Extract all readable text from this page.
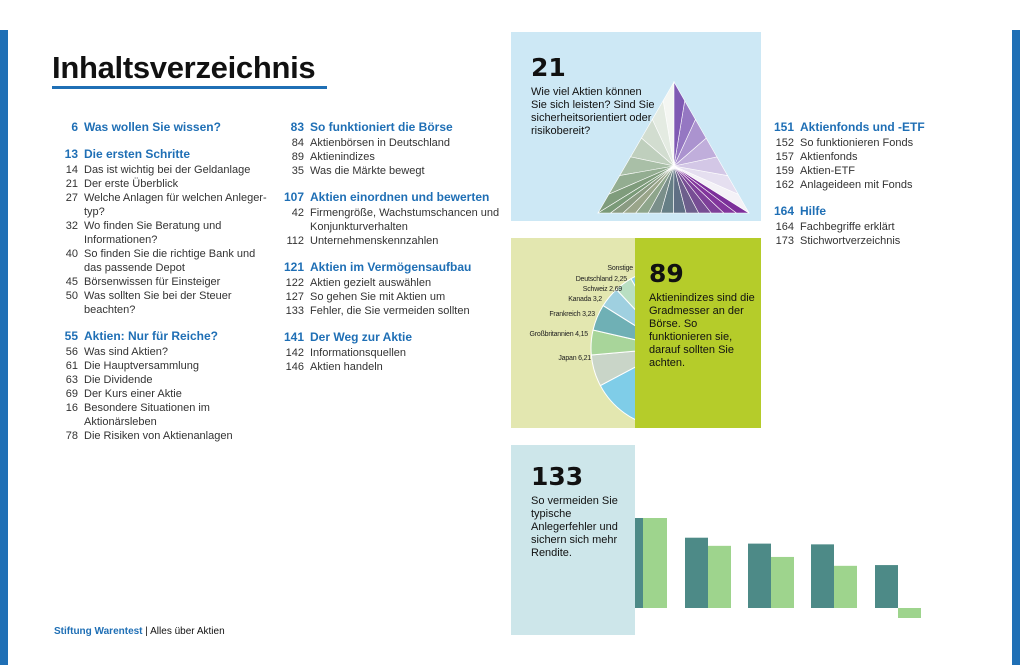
Inhaltsverzeichnis
6 Was wollen Sie wissen?
13 Die ersten Schritte
14 Das ist wichtig bei der Geldanlage
21 Der erste Überblick
27 Welche Anlagen für welchen Anleger-typ?
32 Wo finden Sie Beratung und Informationen?
40 So finden Sie die richtige Bank und das passende Depot
45 Börsenwissen für Einsteiger
50 Was sollten Sie bei der Steuer beachten?
55 Aktien: Nur für Reiche?
56 Was sind Aktien?
61 Die Hauptversammlung
63 Die Dividende
69 Der Kurs einer Aktie
16 Besondere Situationen im Aktionärsleben
78 Die Risiken von Aktienanlagen
83 So funktioniert die Börse
84 Aktienbörsen in Deutschland
89 Aktienindizes
35 Was die Märkte bewegt
107 Aktien einordnen und bewerten
42 Firmengröße, Wachstumschancen und Konjunkturverhalten
112 Unternehmenskennzahlen
121 Aktien im Vermögensaufbau
122 Aktien gezielt auswählen
127 So gehen Sie mit Aktien um
133 Fehler, die Sie vermeiden sollten
141 Der Weg zur Aktie
142 Informationsquellen
146 Aktien handeln
151 Aktienfonds und -ETF
152 So funktionieren Fonds
157 Aktienfonds
159 Aktien-ETF
162 Anlageideen mit Fonds
164 Hilfe
164 Fachbegriffe erklärt
173 Stichwortverzeichnis
21
Wie viel Aktien können Sie sich leisten? Sind Sie sicherheitsorientiert oder risikobereit?
Sonstige
Deutschland 2,25
Schweiz 2,69
Kanada 3,2
Frankreich 3,23
Großbritannien 4,15
Japan 6,21
89
Aktienindizes sind die Gradmesser an der Börse. So funktionieren sie, darauf sollten Sie achten.
133
So vermeiden Sie typische Anlegerfehler und sichern sich mehr Rendite.
Stiftung Warentest | Alles über Aktien
